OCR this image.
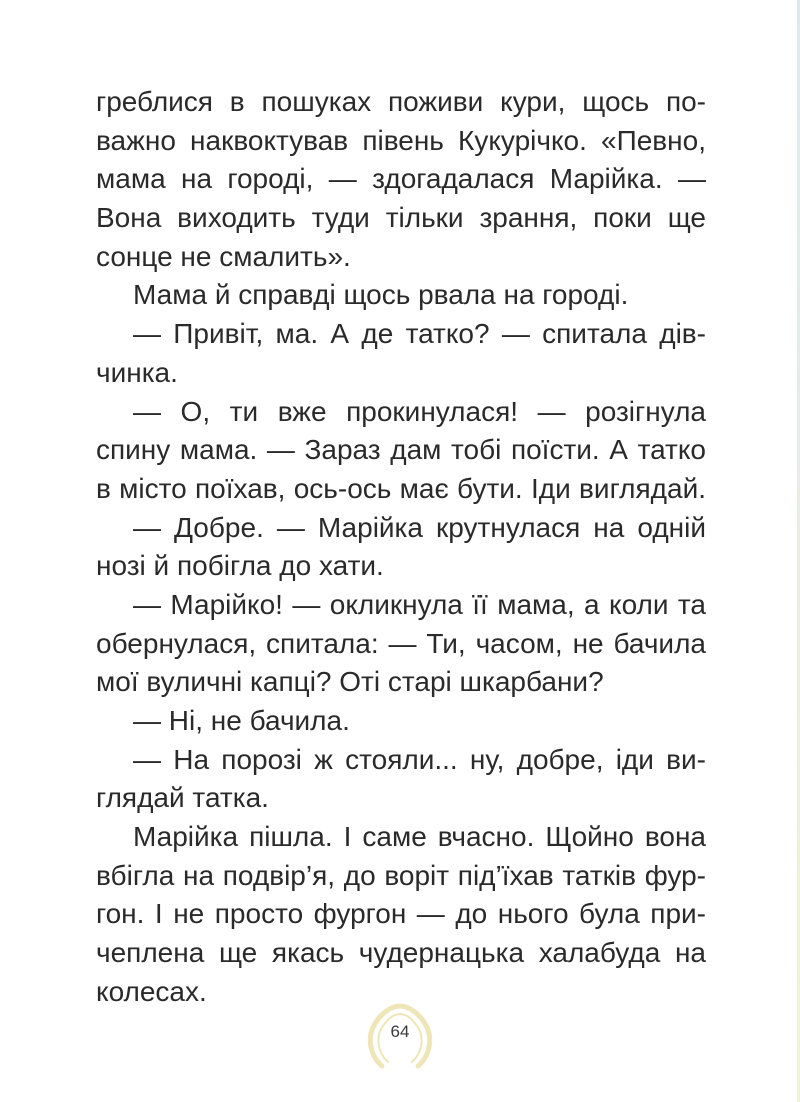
греблися в пошуках поживи кури, щось по-
важно наквоктував півень Кукурічко. «Певно,
мама на городі, — здогадалася Марійка. —
Вона виходить туди тільки зрання, поки ще
сонце не смалить».
Мама й справді щось рвала на городі.
— Привіт, ма. А де татко? — спитала дів-
чинка.
— О, ти вже прокинулася! — розігнула
спину мама. — Зараз дам тобі поїсти. А татко
в місто поїхав, ось-ось має бути. Іди виглядай.
— Добре. — Марійка крутнулася на одній
нозі й побігла до хати.
— Марійко! — окликнула її мама, а коли та
обернулася, спитала: — Ти, часом, не бачила
мої вуличні капці? Оті старі шкарбани?
— Ні, не бачила.
— На порозі ж стояли... ну, добре, іди ви-
глядай татка.
Марійка пішла. І саме вчасно. Щойно вона
вбігла на подвір’я, до воріт під’їхав татків фур-
гон. І не просто фургон — до нього була при-
чеплена ще якась чудернацька халабуда на
колесах.
64
